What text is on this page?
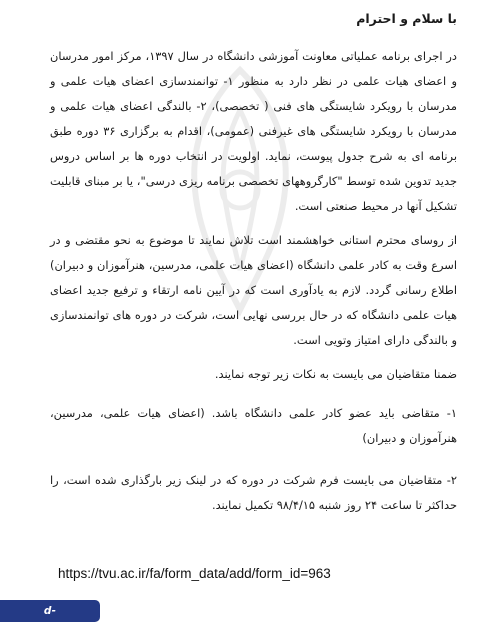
با سلام و احترام

در اجرای برنامه عملیاتی معاونت آموزشی دانشگاه در سال ۱۳۹۷، مرکز امور مدرسان و اعضای هیات علمی در نظر دارد به منظور ۱- توانمندسازی اعضای هیات علمی و مدرسان با رویکرد شایستگی های فنی ( تخصصی)، ۲- بالندگی اعضای هیات علمی و مدرسان با رویکرد شایستگی های غیرفنی (عمومی)، اقدام به برگزاری ۳۶ دوره طبق برنامه ای به شرح جدول پیوست، نماید. اولویت در انتخاب دوره ها بر اساس دروس جدید تدوین شده توسط "کارگروههای تخصصی برنامه ریزی درسی"، یا بر مبنای قابلیت تشکیل آنها در محیط صنعتی است.

از روسای محترم استانی خواهشمند است تلاش نمایند تا موضوع به نحو مقتضی و در اسرع وقت به کادر علمی دانشگاه (اعضای هیات علمی، مدرسین، هنرآموزان و دبیران) اطلاع رسانی گردد. لازم به یادآوری است که در آیین نامه ارتقاء و ترفیع جدید اعضای هیات علمی دانشگاه که در حال بررسی نهایی است، شرکت در دوره های توانمندسازی و بالندگی دارای امتیاز وتویی است.

ضمنا متقاضیان می بایست به نکات زیر توجه نمایند.

۱- متقاضی باید عضو کادر علمی دانشگاه باشد. (اعضای هیات علمی، مدرسین، هنرآموزان و دبیران)

۲- متقاضیان می بایست فرم شرکت در دوره که در لینک زیر بارگذاری شده است، را حداکثر تا ساعت ۲۴ روز شنبه ۹۸/۴/۱۵ تکمیل نمایند.

https://tvu.ac.ir/fa/form_data/add/form_id=963
d-babol.tvu.ac.ir
